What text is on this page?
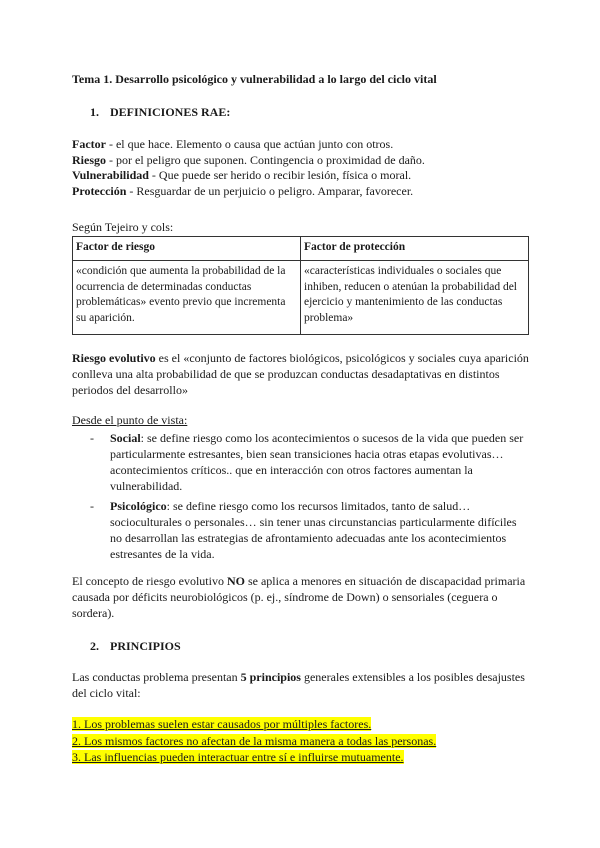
Tema 1. Desarrollo psicológico y vulnerabilidad a lo largo del ciclo vital

1. DEFINICIONES RAE:

Factor - el que hace. Elemento o causa que actúan junto con otros.
Riesgo - por el peligro que suponen. Contingencia o proximidad de daño.
Vulnerabilidad - Que puede ser herido o recibir lesión, física o moral.
Protección - Resguardar de un perjuicio o peligro. Amparar, favorecer.

Según Tejeiro y cols:

Factor de riesgo	Factor de protección
«condición que aumenta la probabilidad de la ocurrencia de determinadas conductas problemáticas» evento previo que incrementa su aparición.	«características individuales o sociales que inhiben, reducen o atenúan la probabilidad del ejercicio y mantenimiento de las conductas problema»

Riesgo evolutivo es el «conjunto de factores biológicos, psicológicos y sociales cuya aparición conlleva una alta probabilidad de que se produzcan conductas desadaptativas en distintos periodos del desarrollo»

Desde el punto de vista:

- Social: se define riesgo como los acontecimientos o sucesos de la vida que pueden ser particularmente estresantes, bien sean transiciones hacia otras etapas evolutivas… acontecimientos críticos.. que en interacción con otros factores aumentan la vulnerabilidad.
- Psicológico: se define riesgo como los recursos limitados, tanto de salud… socioculturales o personales… sin tener unas circunstancias particularmente difíciles no desarrollan las estrategias de afrontamiento adecuadas ante los acontecimientos estresantes de la vida.

El concepto de riesgo evolutivo NO se aplica a menores en situación de discapacidad primaria causada por déficits neurobiológicos (p. ej., síndrome de Down) o sensoriales (ceguera o sordera).

2. PRINCIPIOS

Las conductas problema presentan 5 principios generales extensibles a los posibles desajustes del ciclo vital:

1. Los problemas suelen estar causados por múltiples factores.
2. Los mismos factores no afectan de la misma manera a todas las personas.
3. Las influencias pueden interactuar entre sí e influirse mutuamente.
